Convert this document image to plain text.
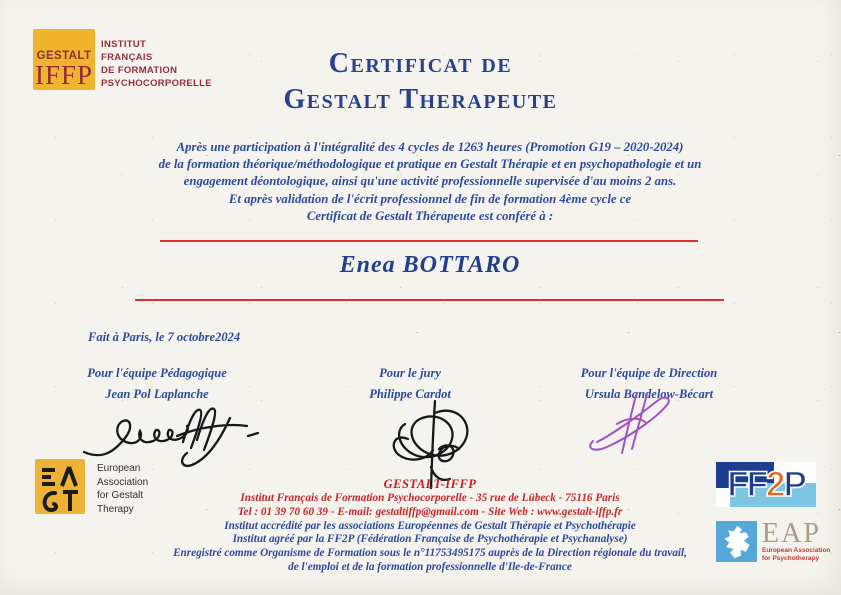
GESTALT
IFFP
INSTITUT
FRANÇAIS
DE FORMATION
PSYCHOCORPORELLE
Certificat de
Gestalt Therapeute
Après une participation à l'intégralité des 4 cycles de 1263 heures (Promotion G19 – 2020-2024)
de la formation théorique/méthodologique et pratique en Gestalt Thérapie et en psychopathologie et un
engagement déontologique, ainsi qu'une activité professionnelle supervisée d'au moins 2 ans.
Et après validation de l'écrit professionnel de fin de formation 4ème cycle ce
Certificat de Gestalt Thérapeute est conféré à :
Enea BOTTARO
Fait à Paris, le 7 octobre2024
Pour l'équipe Pédagogique
Jean Pol Laplanche
Pour le jury
Philippe Cardot
Pour l'équipe de Direction
Ursula Bandelow-Bécart
European
Association
for Gestalt
Therapy
GESTALT-IFFP
Institut Français de Formation Psychocorporelle - 35 rue de Lübeck - 75116 Paris
Tel : 01 39 70 60 39 - E-mail: gestaltiffp@gmail.com - Site Web : www.gestalt-iffp.fr
Institut accrédité par les associations Européennes de Gestalt Thérapie et Psychothérapie
Institut agréé par la FF2P (Fédération Française de Psychothérapie et Psychanalyse)
Enregistré comme Organisme de Formation sous le n°11753495175 auprès de la Direction régionale du travail,
de l'emploi et de la formation professionnelle d'Ile-de-France
FF 2 P
EAP
European Association
for Psychotherapy
